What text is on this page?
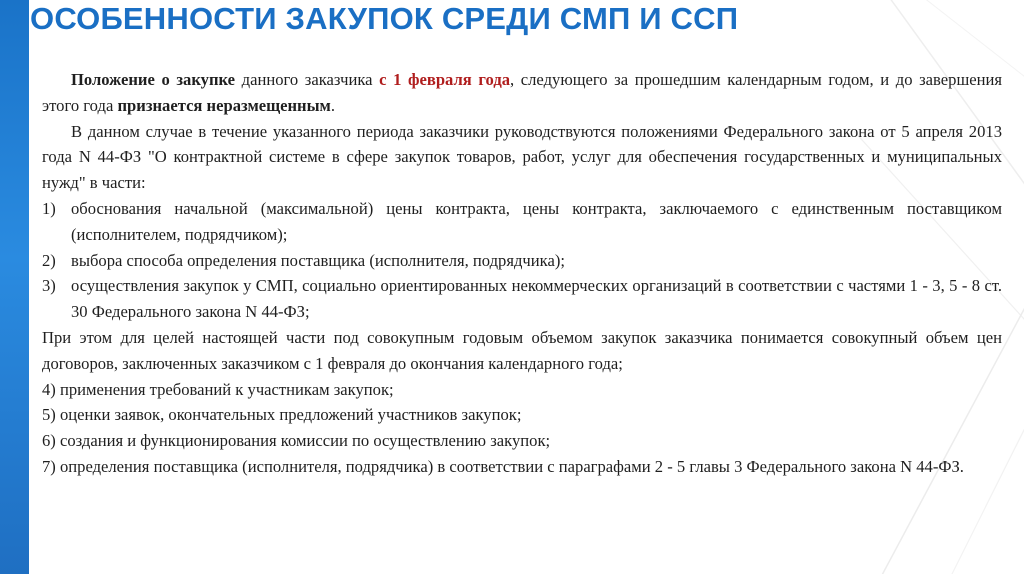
ОСОБЕННОСТИ ЗАКУПОК СРЕДИ СМП И ССП

Положение о закупке данного заказчика с 1 февраля года, следующего за прошедшим календарным годом, и до завершения этого года признается неразмещенным.

В данном случае в течение указанного периода заказчики руководствуются положениями Федерального закона от 5 апреля 2013 года N 44-ФЗ "О контрактной системе в сфере закупок товаров, работ, услуг для обеспечения государственных и муниципальных нужд" в части:

1) обоснования начальной (максимальной) цены контракта, цены контракта, заключаемого с единственным поставщиком (исполнителем, подрядчиком);
2) выбора способа определения поставщика (исполнителя, подрядчика);
3) осуществления закупок у СМП, социально ориентированных некоммерческих организаций в соответствии с частями 1 - 3, 5 - 8 ст. 30 Федерального закона N 44-ФЗ;

При этом для целей настоящей части под совокупным годовым объемом закупок заказчика понимается совокупный объем цен договоров, заключенных заказчиком с 1 февраля до окончания календарного года;

4) применения требований к участникам закупок;

5) оценки заявок, окончательных предложений участников закупок;

6) создания и функционирования комиссии по осуществлению закупок;

7) определения поставщика (исполнителя, подрядчика) в соответствии с параграфами 2 - 5 главы 3 Федерального закона N 44-ФЗ.
